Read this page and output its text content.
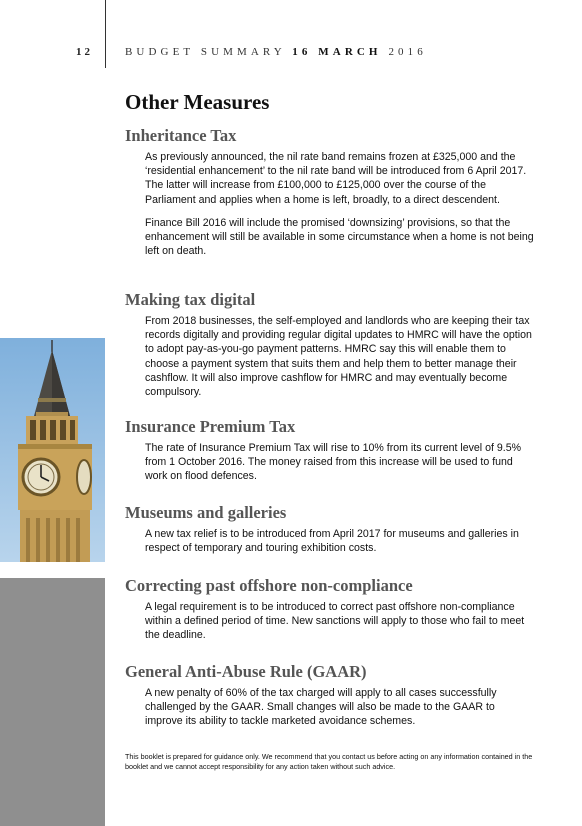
12	BUDGET SUMMARY 16 MARCH 2016
Other Measures
Inheritance Tax

As previously announced, the nil rate band remains frozen at £325,000 and the ‘residential enhancement’ to the nil rate band will be introduced from 6 April 2017. The latter will increase from £100,000 to £125,000 over the course of the Parliament and applies when a home is left, broadly, to a direct descendent.

Finance Bill 2016 will include the promised ‘downsizing’ provisions, so that the enhancement will still be available in some circumstance when a home is not being left on death.

Making tax digital

From 2018 businesses, the self-employed and landlords who are keeping their tax records digitally and providing regular digital updates to HMRC will have the option to adopt pay-as-you-go payment patterns. HMRC say this will enable them to choose a payment system that suits them and help them to better manage their cashflow. It will also improve cashflow for HMRC and may eventually become compulsory.

Insurance Premium Tax

The rate of Insurance Premium Tax will rise to 10% from its current level of 9.5% from 1 October 2016. The money raised from this increase will be used to fund work on flood defences.

Museums and galleries

A new tax relief is to be introduced from April 2017 for museums and galleries in respect of temporary and touring exhibition costs.

Correcting past offshore non-compliance

A legal requirement is to be introduced to correct past offshore non-compliance within a defined period of time. New sanctions will apply to those who fail to meet the deadline.

General Anti-Abuse Rule (GAAR)

A new penalty of 60% of the tax charged will apply to all cases successfully challenged by the GAAR. Small changes will also be made to the GAAR to improve its ability to tackle marketed avoidance schemes.

This booklet is prepared for guidance only. We recommend that you contact us before acting on any information contained in the booklet and we cannot accept responsibility for any action taken without such advice.
